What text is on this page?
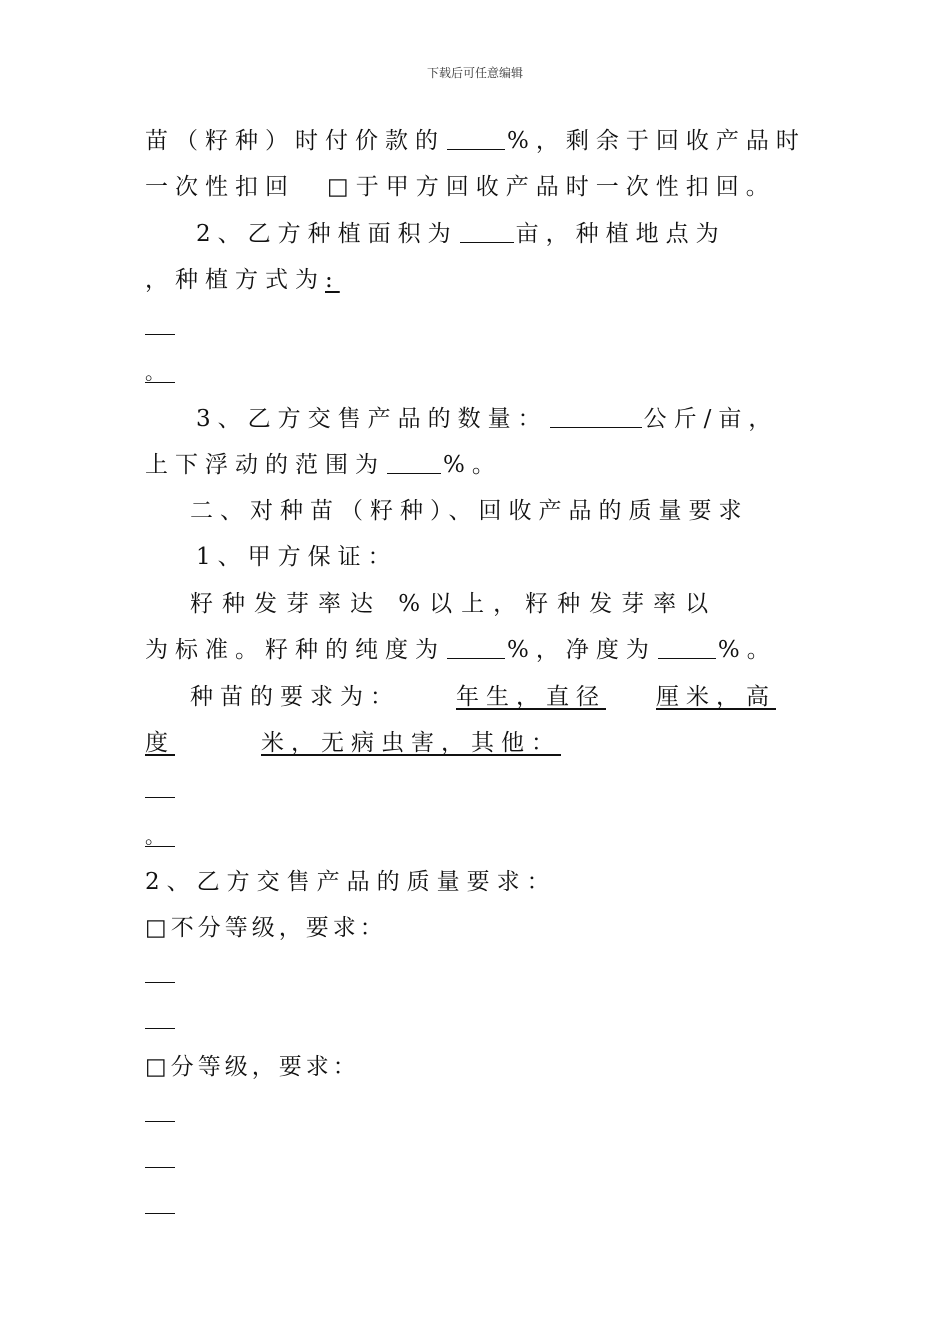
下载后可任意编辑
苗（籽种）时付价款的	%，剩余于回收产品时
一次性扣回 □于甲方回收产品时一次性扣回。
2、乙方种植面积为	亩，种植地点为
，种植方式为:
。
3、乙方交售产品的数量：	公斤/亩，
上下浮动的范围为	%。
二、对种苗（籽种）、回收产品的质量要求
1、甲方保证：
籽种发芽率达 %以上，籽种发芽率以
为标准。籽种的纯度为	%，净度为	%。
种苗的要求为： 年生，直径 厘米，高
度	米，无病虫害，其他：
。
2、乙方交售产品的质量要求：
□不分等级，要求：
□分等级，要求：
